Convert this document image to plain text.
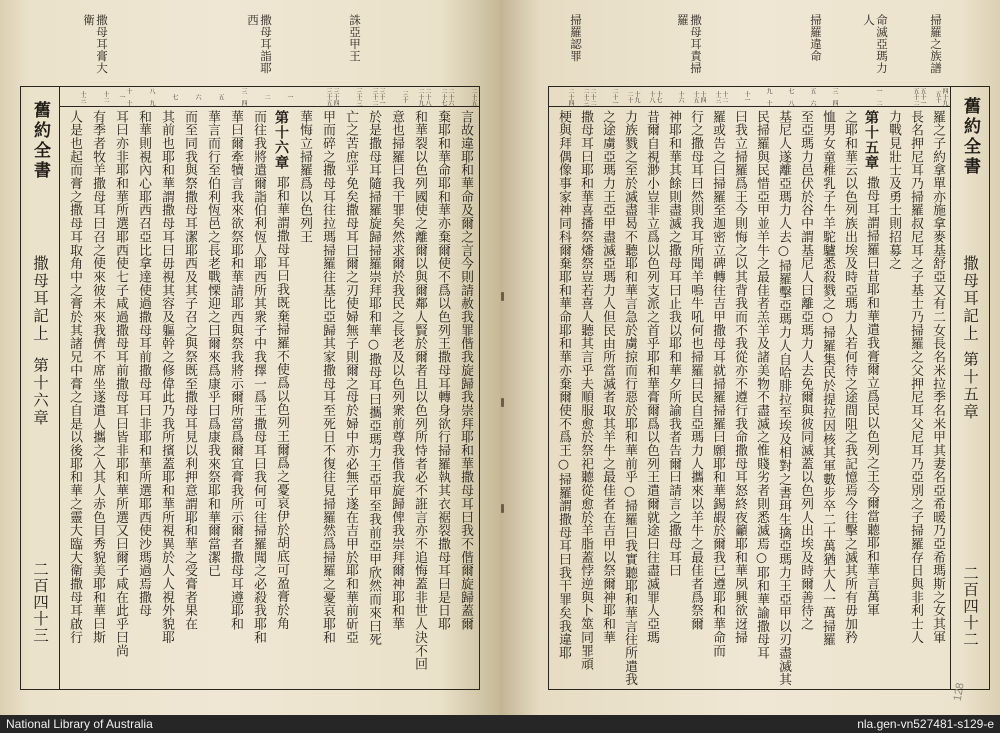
誅亞甲王
撒母耳詣耶西
撒母耳膏大衛
舊約全書
撒母耳記上
第十六章
二百四十三
二十五
二十六　二十七
二十八　二十九
三十
三十一　三十二
三十三
三十四　三十五
一
二
三　四
五
六
七
八　九
十　十一
十二
十三
言故違耶和華命及爾之言今則請赦我罪偕我旋歸我崇拜耶和華撒母耳曰我不偕爾旋歸蓋爾
棄耶和華命耶和華亦棄爾使不爲以色列王撒母耳轉身欲行掃羅執其衣裾裂撒母耳曰是日耶
和華裂以色列國使之離爾以與爾鄰人賢於爾者且以色列所恃者必不誑言亦不追悔蓋非世人決不回
意也掃羅曰我干罪矣然求爾於我民之長老及以色列衆前尊我偕我旋歸俾我崇拜爾神耶和華
於是撒母耳隨掃羅旋歸掃羅崇拜耶和華○撒母耳曰攜亞瑪力王亞甲至我前亞甲欣然而來曰死
亡之苦庶乎免矣撒母耳曰爾之刃使婦無子則爾之母於婦中亦必無子遂在吉甲於耶和華前斫亞
甲而碎之撒母耳往拉瑪掃羅往基比亞歸其家撒母耳至死日不復往見掃羅然爲掃羅之憂哀耶和
華悔立掃羅爲以色列王
第十六章耶和華謂撒母耳曰我既棄掃羅不使爲以色列王爾爲之憂哀伊於胡底可盈膏於角
而往我將遣爾詣伯利恆人耶西所其衆子中我擇一爲王撒母耳曰我何可往掃羅聞之必殺我耶和
華曰爾牽犢言我來欲祭耶和華請耶西與祭我將示爾所當爲爾宜膏我所示爾者撒母耳遵耶和
華言而行至伯利恆邑之長老戰慄迎之曰爾來爲康乎曰爲康我來祭耶和華爾當潔已
而至同我與祭撒母耳潔耶西及其子召之與祭既至撒母耳見以利押意謂耶和華之受膏者果在
其前也耶和華謂撒母耳曰毋視其容及軀幹之修偉此乃我所擯蓋耶和華所視異於人人視外貌耶
和華則視內心耶西召亞比拿達使過撒母耳前撒母耳曰非耶和華所選耶西使沙瑪過焉撒母
耳曰亦非耶和華所選耶西使七子咸過撒母耳前撒母耳曰皆非耶和華所選又曰爾子咸在此乎曰尚
有季者牧羊撒母耳曰召之使來彼未來我儕不席坐遂遣人攜之入其人赤色目秀貌美耶和華曰斯
人是也起而膏之撒母耳取角中之膏於其諸兄中膏之自是以後耶和華之靈大臨大衛撒母耳啟行
掃羅之族譜
命滅亞瑪力人
掃羅違命
撒母耳責掃羅
掃羅認罪
四十九　五十
五十一　五十二
一　二
三　四
五　六
七　八
九　十
十一
十二　十三
十四　十五
十六
十七　十八
十九　二十
二十一
二十二　二十三
二十四
羅之子約拿單亦施拿麥基舒亞又有二女長名米拉季名米甲其妻名亞希暖乃亞希瑪斯之女其軍
長名押尼耳乃掃羅叔尼耳之子基士乃掃羅之父押尼耳父尼耳乃亞別之子掃羅存日與非利士人
力戰見壯士及勇士則招募之
第十五章撒母耳謂掃羅曰昔耶和華遣我膏爾立爲民以色列之王今爾當聽耶和華言萬軍
之耶和華云以色列族出埃及時亞瑪力人若何待之途間阻之我記憶焉今往擊之滅其所有毋加矜
恤男女童稚乳子牛羊駝驢悉殺戮之○掃羅集民於提拉因核其軍數步卒二十萬猶大人一萬掃羅
至亞瑪力邑伏於谷中謂基尼人曰離亞瑪力人去免爾與彼同滅蓋以色列人出埃及時爾善待之
基尼人遂離亞瑪力人去○掃羅擊亞瑪力人自哈腓拉至埃及相對之書珥生擒亞瑪力王亞甲以刃盡滅其
民掃羅與民惜亞甲並羊牛之最佳者羔羊及諸美物不盡滅之惟賤劣者則悉滅焉○耶和華諭撒母耳
曰我立掃羅爲王今則悔之以其背我而不我從亦不遵行我命撒母耳怒終夜籲耶和華夙興欲迓掃
羅或告之曰掃羅至迦密立碑轉往吉甲撒母耳就掃羅掃羅曰願耶和華錫嘏於爾我已遵耶和華命而
行之撒母耳曰然則我耳所聞羊鳴牛吼何也掃羅曰民自亞瑪力人攜來以羊牛之最佳者爲祭爾
神耶和華其餘則盡滅之撒母耳曰止我以耶和華夕所諭我者告爾曰請言之撒母耳曰
昔爾自視渺小豈非立爲以色列支派之首乎耶和華膏爾爲以色列王遣爾就途曰往盡滅罪人亞瑪
力族戮之至於滅盡曷不聽耶和華言急於虜掠而行惡於耶和華前乎○掃羅曰我實聽耶和華言往所遣我
之途虜亞瑪力王亞甲盡滅亞瑪力人但民由所當滅者取其羊牛之最佳者在吉甲以祭爾神耶和華
撒母耳曰耶和華喜播祭燔祭豈若喜人聽其言乎夫順服愈於祭祀聽從愈於羊脂蓋悖逆與卜筮同罪頑
梗與拜偶像事家神同科爾棄耶和華命耶和華亦棄爾使不爲王○掃羅謂撒母耳曰我干罪矣我違耶	舊約全書
撒母耳記上
第十五章
二百四十二
128
National Library of Australia	nla.gen-vn527481-s129-e
